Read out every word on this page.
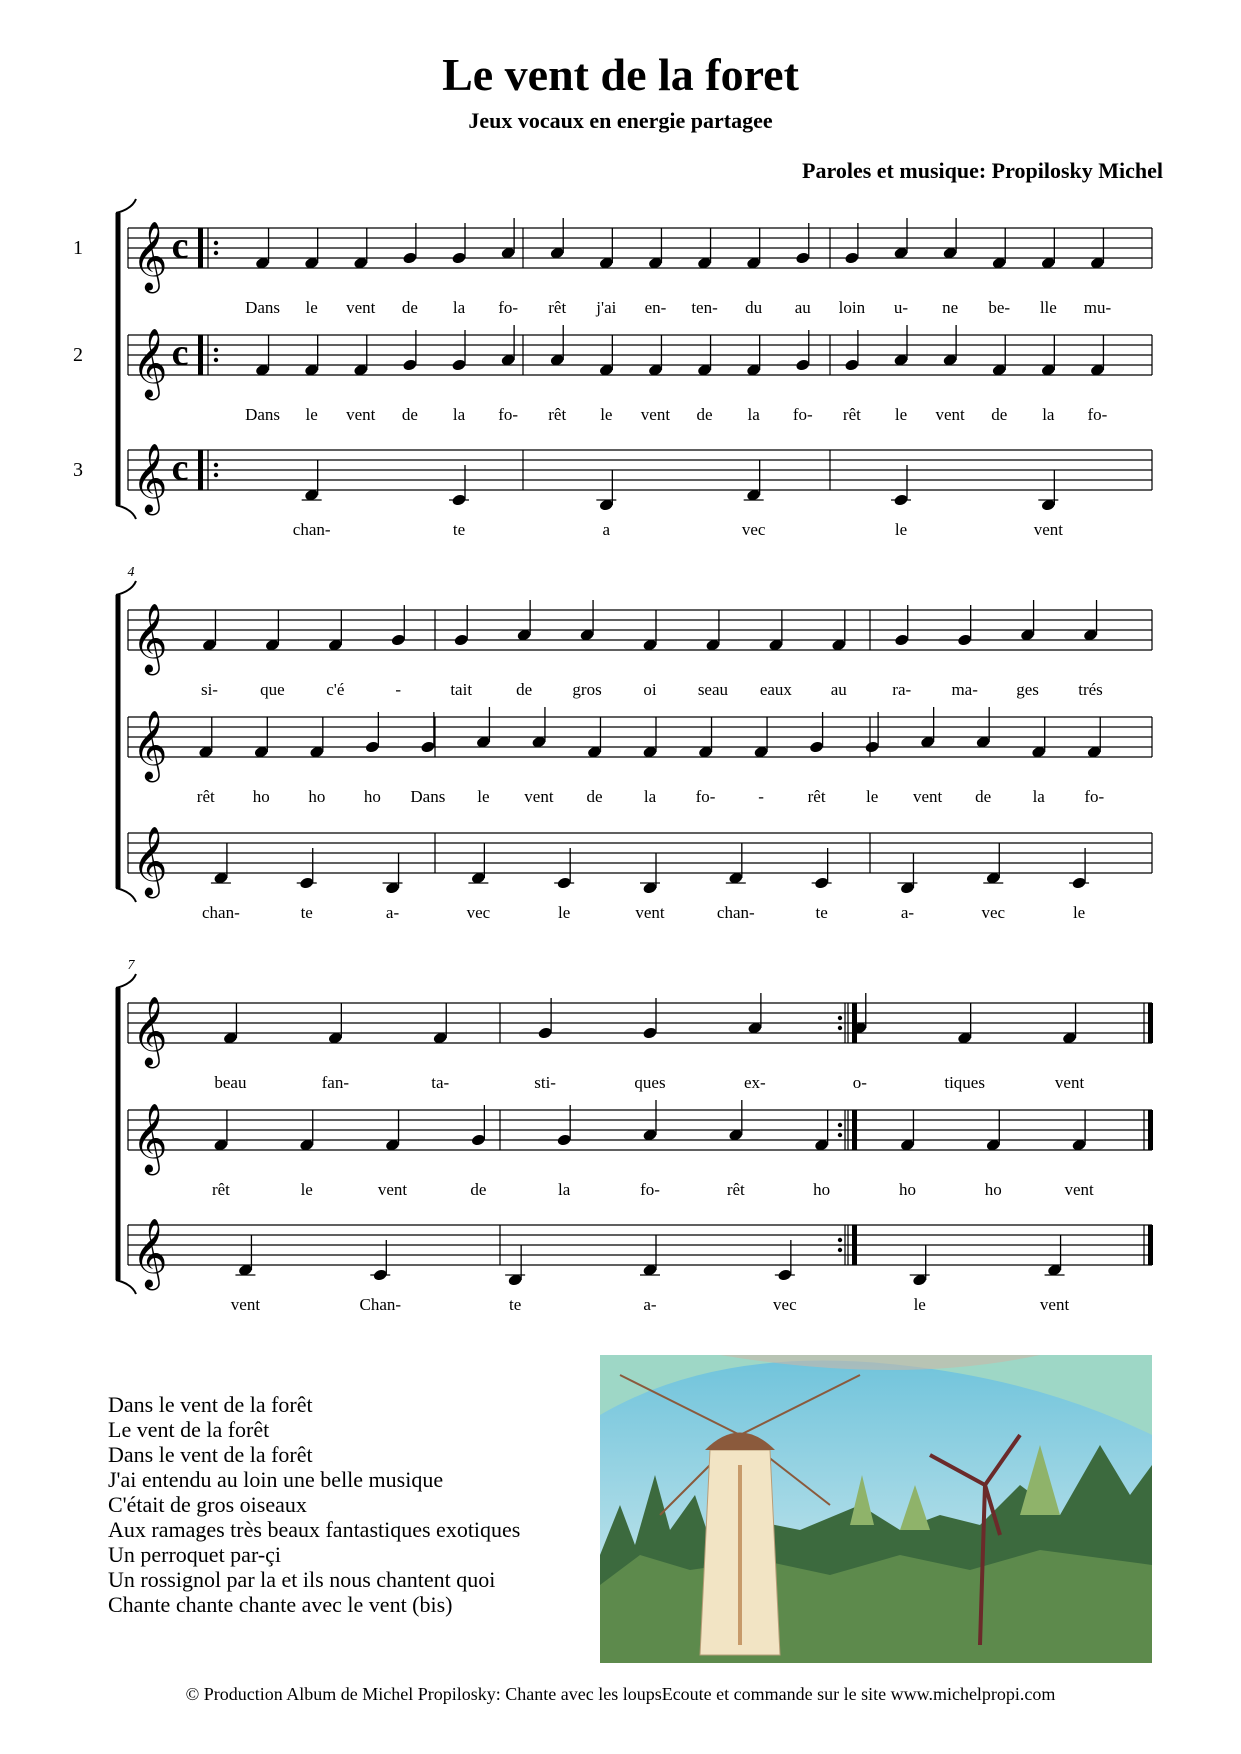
Le vent de la foret
Jeux vocaux en energie partagee
Paroles et musique: Propilosky Michel
𝄞 c
1
Dans le vent de la fo- rêt j'ai en- ten- du au loin u- ne be- lle mu-
𝄞 c
2
Dans le vent de la fo- rêt le vent de la fo- rêt le vent de la fo-
𝄞 c
3
chan-	te	a	vec	le	vent
𝄞
si- que c'é	-	tait	de gros oi seau eaux au	ra- ma- ges trés
𝄞
rêt ho ho ho Dans le vent de la fo-	-	rêt le vent de la fo-
𝄞
chan-	te	a-	vec	le	vent	chan-	te	a-	vec	le
𝄞
beau	fan-	ta-	sti-	ques	ex-	o-	tiques	vent
𝄞
rêt	le	vent	de	la	fo-	rêt	ho	ho	ho	vent
𝄞
vent	Chan-	te	a-	vec	le	vent
4
7
Dans le vent de la forêt
Le vent de la forêt
Dans le vent de la forêt
J'ai entendu au loin une belle musique
C'était de gros oiseaux
Aux ramages très beaux fantastiques exotiques
Un perroquet par-çi
Un rossignol par la et ils nous chantent quoi
Chante chante chante avec le vent (bis)
© Production Album de Michel Propilosky: Chante avec les loupsEcoute et commande sur le site www.michelpropi.com
